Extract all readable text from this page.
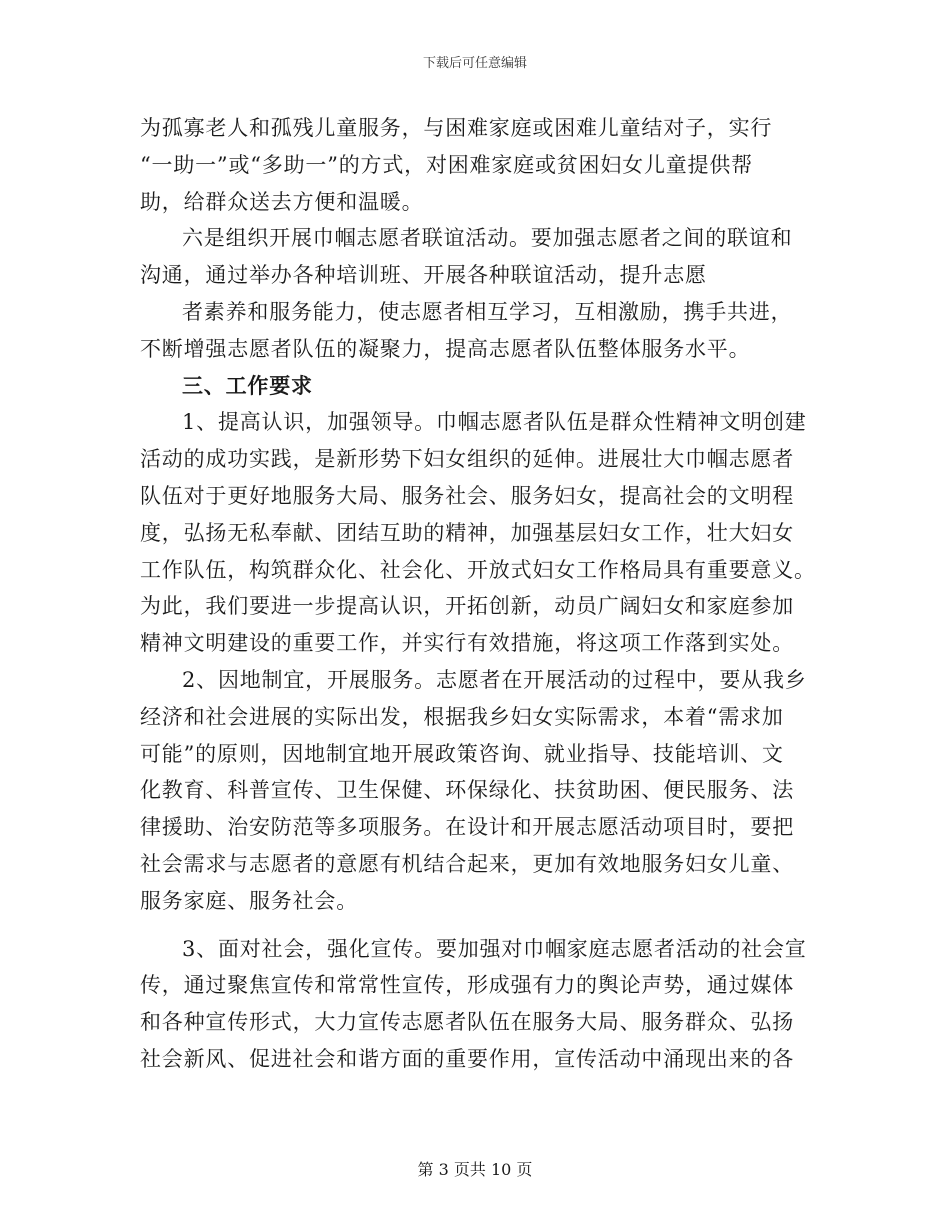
下载后可任意编辑
为孤寡老人和孤残儿童服务，与困难家庭或困难儿童结对子，实行
“一助一”或“多助一”的方式，对困难家庭或贫困妇女儿童提供帮
助，给群众送去方便和温暖。
六是组织开展巾帼志愿者联谊活动。要加强志愿者之间的联谊和
沟通，通过举办各种培训班、开展各种联谊活动，提升志愿
者素养和服务能力，使志愿者相互学习，互相激励，携手共进，
不断增强志愿者队伍的凝聚力，提高志愿者队伍整体服务水平。
三、工作要求
1、提高认识，加强领导。巾帼志愿者队伍是群众性精神文明创建
活动的成功实践，是新形势下妇女组织的延伸。进展壮大巾帼志愿者
队伍对于更好地服务大局、服务社会、服务妇女，提高社会的文明程
度，弘扬无私奉献、团结互助的精神，加强基层妇女工作，壮大妇女
工作队伍，构筑群众化、社会化、开放式妇女工作格局具有重要意义。
为此，我们要进一步提高认识，开拓创新，动员广阔妇女和家庭参加
精神文明建设的重要工作，并实行有效措施，将这项工作落到实处。
2、因地制宜，开展服务。志愿者在开展活动的过程中，要从我乡
经济和社会进展的实际出发，根据我乡妇女实际需求，本着“需求加
可能”的原则，因地制宜地开展政策咨询、就业指导、技能培训、文
化教育、科普宣传、卫生保健、环保绿化、扶贫助困、便民服务、法
律援助、治安防范等多项服务。在设计和开展志愿活动项目时，要把
社会需求与志愿者的意愿有机结合起来，更加有效地服务妇女儿童、
服务家庭、服务社会。
3、面对社会，强化宣传。要加强对巾帼家庭志愿者活动的社会宣
传，通过聚焦宣传和常常性宣传，形成强有力的舆论声势，通过媒体
和各种宣传形式，大力宣传志愿者队伍在服务大局、服务群众、弘扬
社会新风、促进社会和谐方面的重要作用，宣传活动中涌现出来的各
第 3 页共 10 页
